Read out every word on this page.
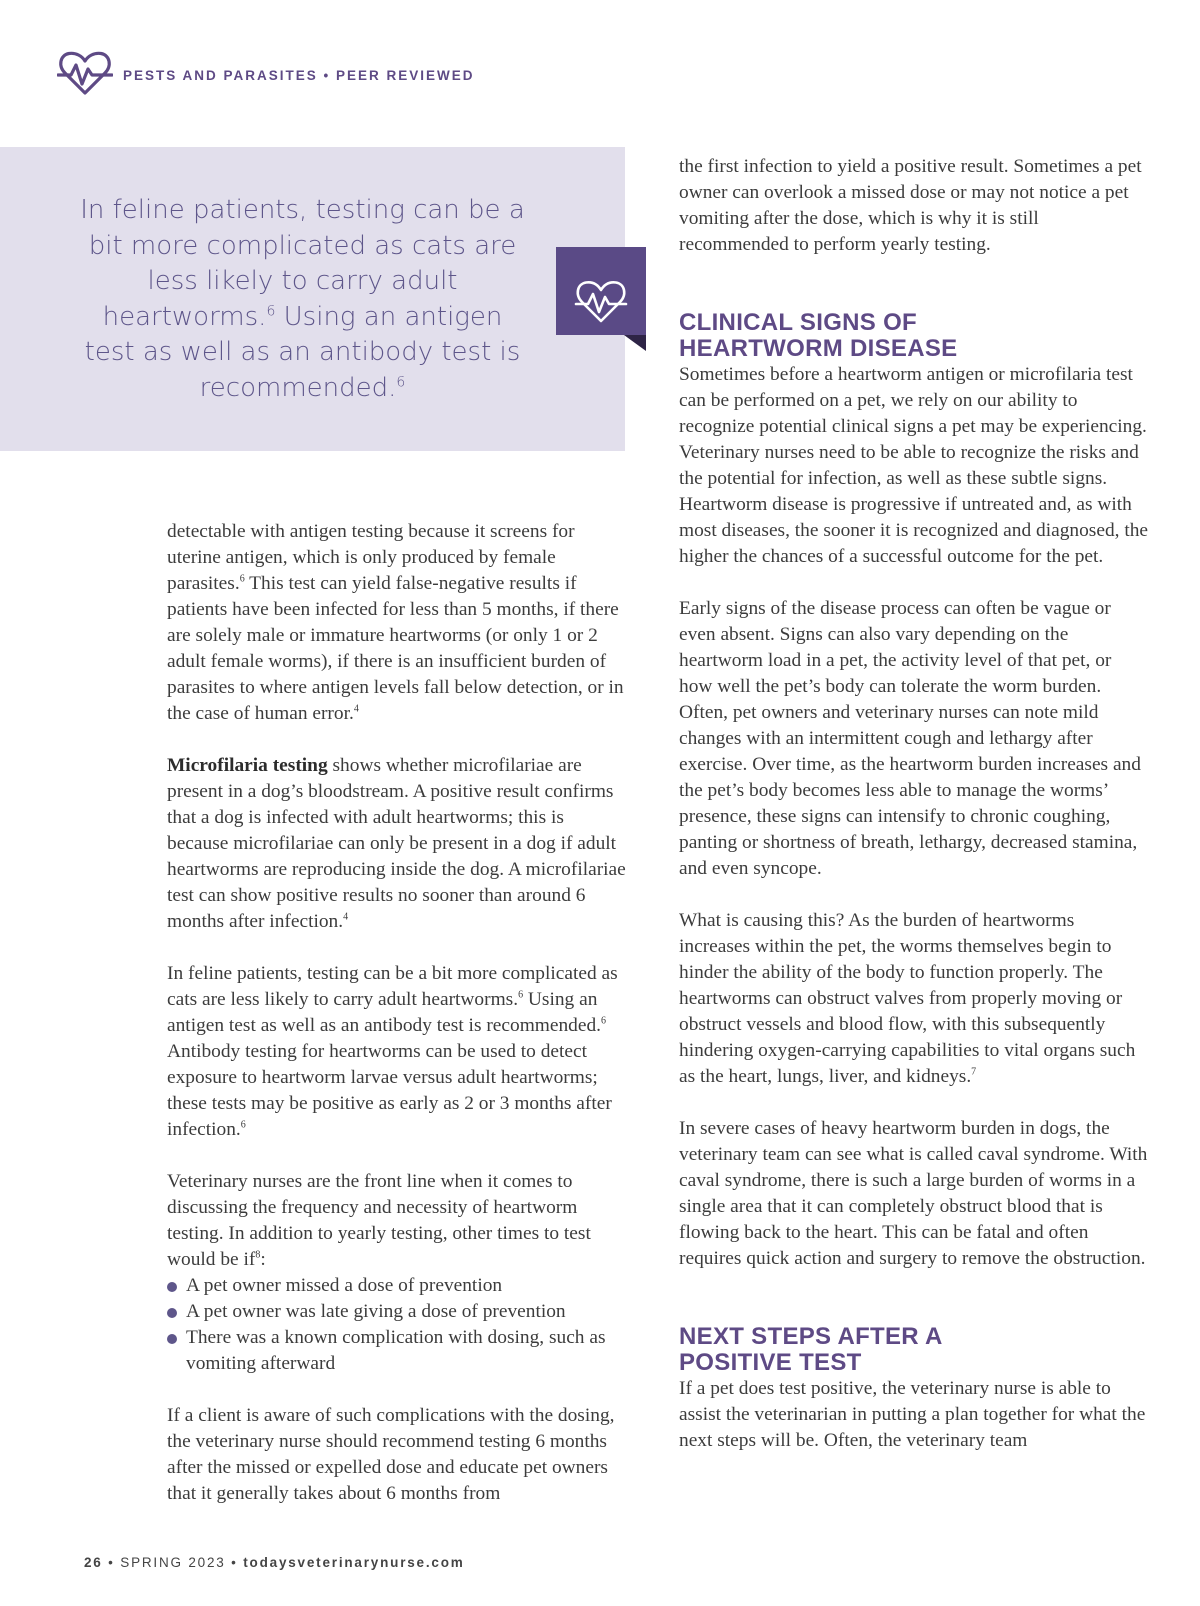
PESTS AND PARASITES • PEER REVIEWED
In feline patients, testing can be a bit more complicated as cats are less likely to carry adult heartworms.$^6$ Using an antigen test as well as an antibody test is recommended.$^6$

detectable with antigen testing because it screens for uterine antigen, which is only produced by female parasites.$^6$ This test can yield false-negative results if patients have been infected for less than 5 months, if there are solely male or immature heartworms (or only 1 or 2 adult female worms), if there is an insufficient burden of parasites to where antigen levels fall below detection, or in the case of human error.$^4$

Microfilaria testing shows whether microfilariae are present in a dog’s bloodstream. A positive result confirms that a dog is infected with adult heartworms; this is because microfilariae can only be present in a dog if adult heartworms are reproducing inside the dog. A microfilariae test can show positive results no sooner than around 6 months after infection.$^4$

In feline patients, testing can be a bit more complicated as cats are less likely to carry adult heartworms.$^6$ Using an antigen test as well as an antibody test is recommended.$^6$ Antibody testing for heartworms can be used to detect exposure to heartworm larvae versus adult heartworms; these tests may be positive as early as 2 or 3 months after infection.$^6$

Veterinary nurses are the front line when it comes to discussing the frequency and necessity of heartworm testing. In addition to yearly testing, other times to test would be $if^8$:

A pet owner missed a dose of prevention
A pet owner was late giving a dose of prevention
There was a known complication with dosing, such as vomiting afterward

If a client is aware of such complications with the dosing, the veterinary nurse should recommend testing 6 months after the missed or expelled dose and educate pet owners that it generally takes about 6 months from

the first infection to yield a positive result. Sometimes a pet owner can overlook a missed dose or may not notice a pet vomiting after the dose, which is why it is still recommended to perform yearly testing.

CLINICAL SIGNS OF
HEARTWORM DISEASE

Sometimes before a heartworm antigen or microfilaria test can be performed on a pet, we rely on our ability to recognize potential clinical signs a pet may be experiencing. Veterinary nurses need to be able to recognize the risks and the potential for infection, as well as these subtle signs. Heartworm disease is progressive if untreated and, as with most diseases, the sooner it is recognized and diagnosed, the higher the chances of a successful outcome for the pet.

Early signs of the disease process can often be vague or even absent. Signs can also vary depending on the heartworm load in a pet, the activity level of that pet, or how well the pet’s body can tolerate the worm burden. Often, pet owners and veterinary nurses can note mild changes with an intermittent cough and lethargy after exercise. Over time, as the heartworm burden increases and the pet’s body becomes less able to manage the worms’ presence, these signs can intensify to chronic coughing, panting or shortness of breath, lethargy, decreased stamina, and even syncope.

What is causing this? As the burden of heartworms increases within the pet, the worms themselves begin to hinder the ability of the body to function properly. The heartworms can obstruct valves from properly moving or obstruct vessels and blood flow, with this subsequently hindering oxygen-carrying capabilities to vital organs such as the heart, lungs, liver, and kidneys.$^7$

In severe cases of heavy heartworm burden in dogs, the veterinary team can see what is called caval syndrome. With caval syndrome, there is such a large burden of worms in a single area that it can completely obstruct blood that is flowing back to the heart. This can be fatal and often requires quick action and surgery to remove the obstruction.

NEXT STEPS AFTER A
POSITIVE TEST

If a pet does test positive, the veterinary nurse is able to assist the veterinarian in putting a plan together for what the next steps will be. Often, the veterinary team

26 • SPRING 2023 • todaysveterinarynurse.com
